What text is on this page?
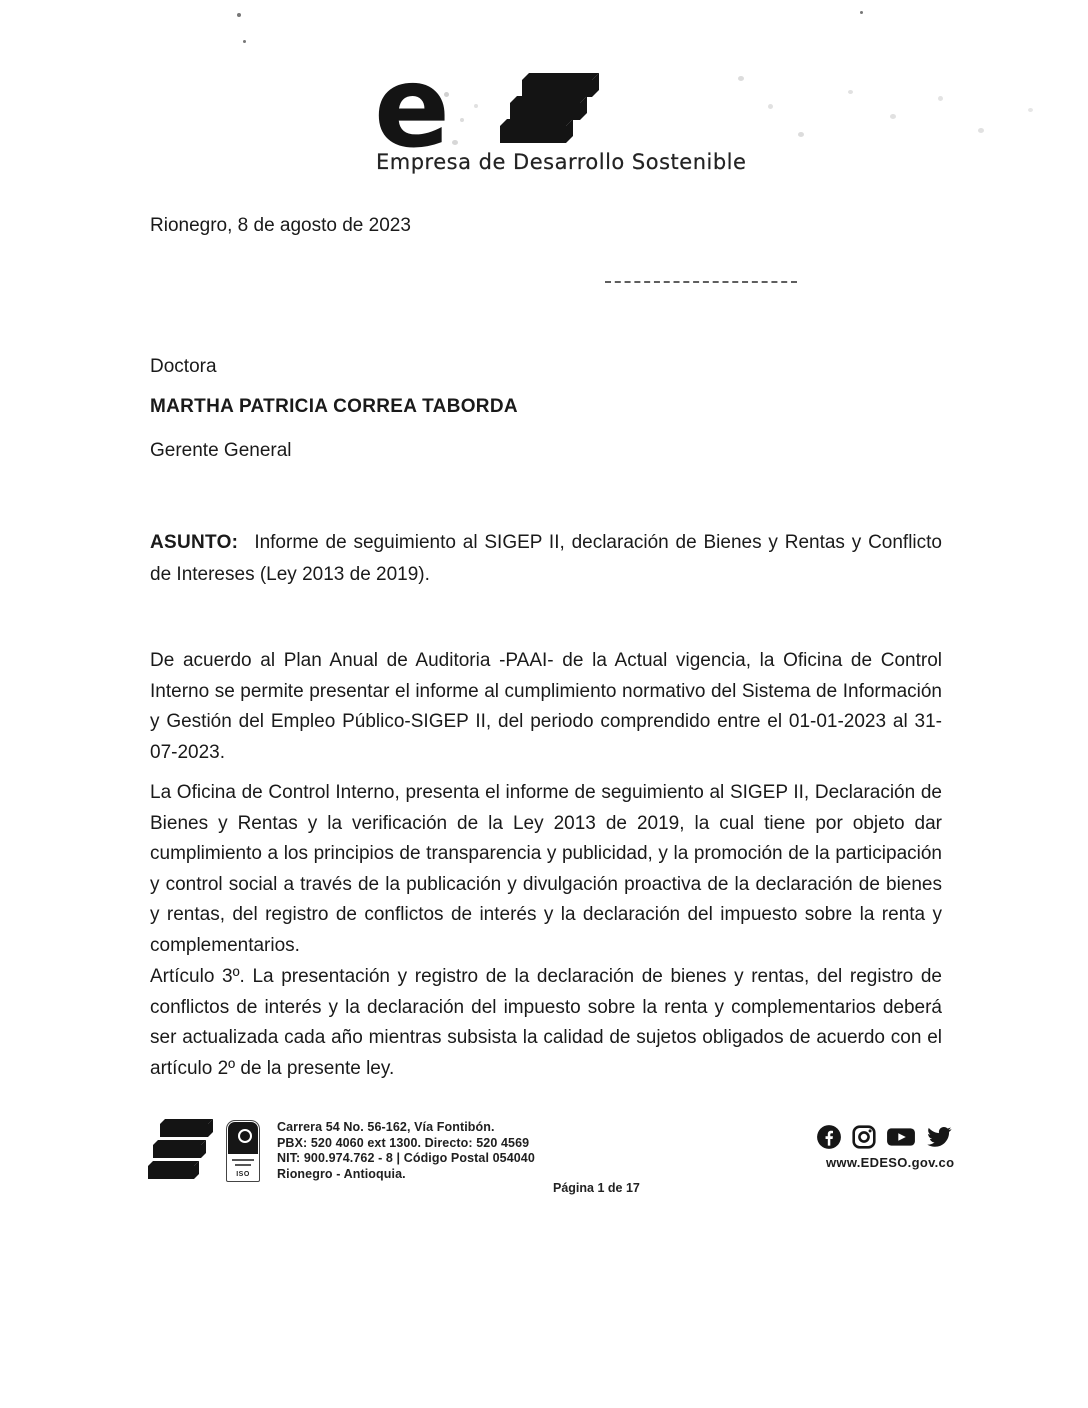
e
Empresa de Desarrollo Sostenible
Rionegro, 8 de agosto de 2023
Doctora
MARTHA PATRICIA CORREA TABORDA
Gerente General
ASUNTO: Informe de seguimiento al SIGEP II, declaración de Bienes y Rentas y Conflicto de Intereses (Ley 2013 de 2019).

De acuerdo al Plan Anual de Auditoria -PAAI- de la Actual vigencia, la Oficina de Control Interno se permite presentar el informe al cumplimiento normativo del Sistema de Información y Gestión del Empleo Público-SIGEP II, del periodo comprendido entre el 01-01-2023 al 31-07-2023.

La Oficina de Control Interno, presenta el informe de seguimiento al SIGEP II, Declaración de Bienes y Rentas y la verificación de la Ley 2013 de 2019, la cual tiene por objeto dar cumplimiento a los principios de transparencia y publicidad, y la promoción de la participación y control social a través de la publicación y divulgación proactiva de la declaración de bienes y rentas, del registro de conflictos de interés y la declaración del impuesto sobre la renta y complementarios.

Artículo 3º. La presentación y registro de la declaración de bienes y rentas, del registro de conflictos de interés y la declaración del impuesto sobre la renta y complementarios deberá ser actualizada cada año mientras subsista la calidad de sujetos obligados de acuerdo con el artículo 2º de la presente ley.

ISO
Carrera 54 No. 56-162, Vía Fontibón.
PBX: 520 4060 ext 1300. Directo: 520 4569
NIT: 900.974.762 - 8 | Código Postal 054040
Rionegro - Antioquia.
www.EDESO.gov.co
Página 1 de 17
